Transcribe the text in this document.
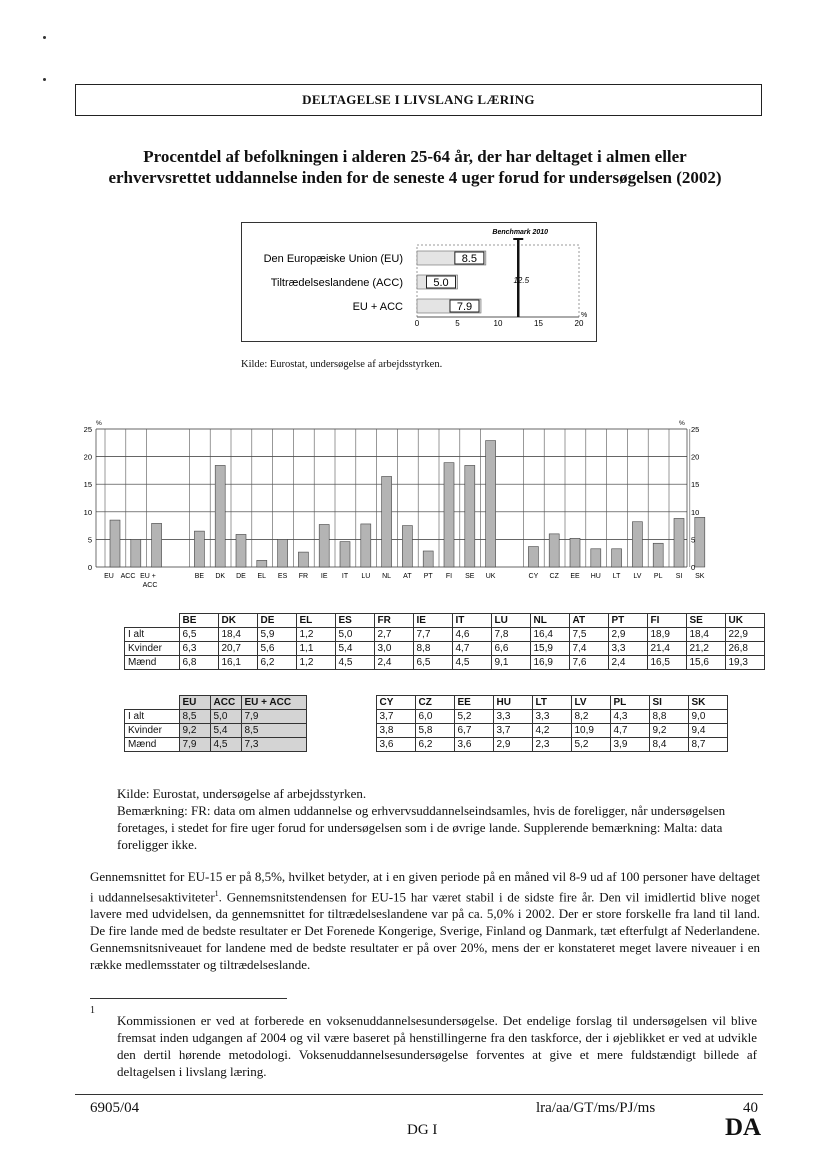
DELTAGELSE I LIVSLANG LÆRING
Procentdel af befolkningen i alderen 25-64 år, der har deltaget i almen eller
erhvervsrettet uddannelse inden for de seneste 4 uger forud for undersøgelsen (2002)
0	5	10	15	20
%
Den Europæiske Union (EU)	8.5
Tiltrædelseslandene (ACC)	5.0
EU + ACC	7.9
Benchmark 2010
12.5
Kilde: Eurostat, undersøgelse af arbejdsstyrken.
0	0
5	5
10	10
15	15
20	20
25	25
%	%
EU ACC EU +
ACC
BE DK DE EL ES FR IE IT LU NL AT PT FI SE UK	CY CZ EE HU LT LV PL SI SK
	BE	DK	DE	EL	ES	FR	IE	IT	LU	NL	AT	PT	FI	SE	UK
I alt	6,5	18,4	5,9	1,2	5,0	2,7	7,7	4,6	7,8	16,4	7,5	2,9	18,9	18,4	22,9
Kvinder	6,3	20,7	5,6	1,1	5,4	3,0	8,8	4,7	6,6	15,9	7,4	3,3	21,4	21,2	26,8
Mænd	6,8	16,1	6,2	1,2	4,5	2,4	6,5	4,5	9,1	16,9	7,6	2,4	16,5	15,6	19,3
	EU	ACC	EU + ACC		CY	CZ	EE	HU	LT	LV	PL	SI	SK
I alt	8,5	5,0	7,9		3,7	6,0	5,2	3,3	3,3	8,2	4,3	8,8	9,0
Kvinder	9,2	5,4	8,5		3,8	5,8	6,7	3,7	4,2	10,9	4,7	9,2	9,4
Mænd	7,9	4,5	7,3		3,6	6,2	3,6	2,9	2,3	5,2	3,9	8,4	8,7
Kilde: Eurostat, undersøgelse af arbejdsstyrken.
Bemærkning: FR: data om almen uddannelse og erhvervsuddannelseindsamles, hvis de foreligger, når undersøgelsen foretages, i stedet for fire uger forud for undersøgelsen som i de øvrige lande. Supplerende bemærkning: Malta: data foreligger ikke.
Gennemsnittet for EU-15 er på 8,5%, hvilket betyder, at i en given periode på en måned vil 8-9 ud af 100 personer have deltaget i uddannelsesaktiviteter$^1$. Gennemsnitstendensen for EU-15 har været stabil i de sidste fire år. Den vil imidlertid blive noget lavere med udvidelsen, da gennemsnittet for tiltrædelseslandene var på ca. 5,0% i 2002. Der er store forskelle fra land til land. De fire lande med de bedste resultater er Det Forenede Kongerige, Sverige, Finland og Danmark, tæt efterfulgt af Nederlandene. Gennemsnitsniveauet for landene med de bedste resultater er på over 20%, mens der er konstateret meget lavere niveauer i en række medlemsstater og tiltrædelseslande.
1
Kommissionen er ved at forberede en voksenuddannelsesundersøgelse. Det endelige forslag til undersøgelsen vil blive fremsat inden udgangen af 2004 og vil være baseret på henstillingerne fra den taskforce, der i øjeblikket er ved at udvikle den dertil hørende metodologi. Voksenuddannelsesundersøgelse forventes at give et mere fuldstændigt billede af deltagelsen i livslang læring.
6905/04	lra/aa/GT/ms/PJ/ms	40
DG I	DA
